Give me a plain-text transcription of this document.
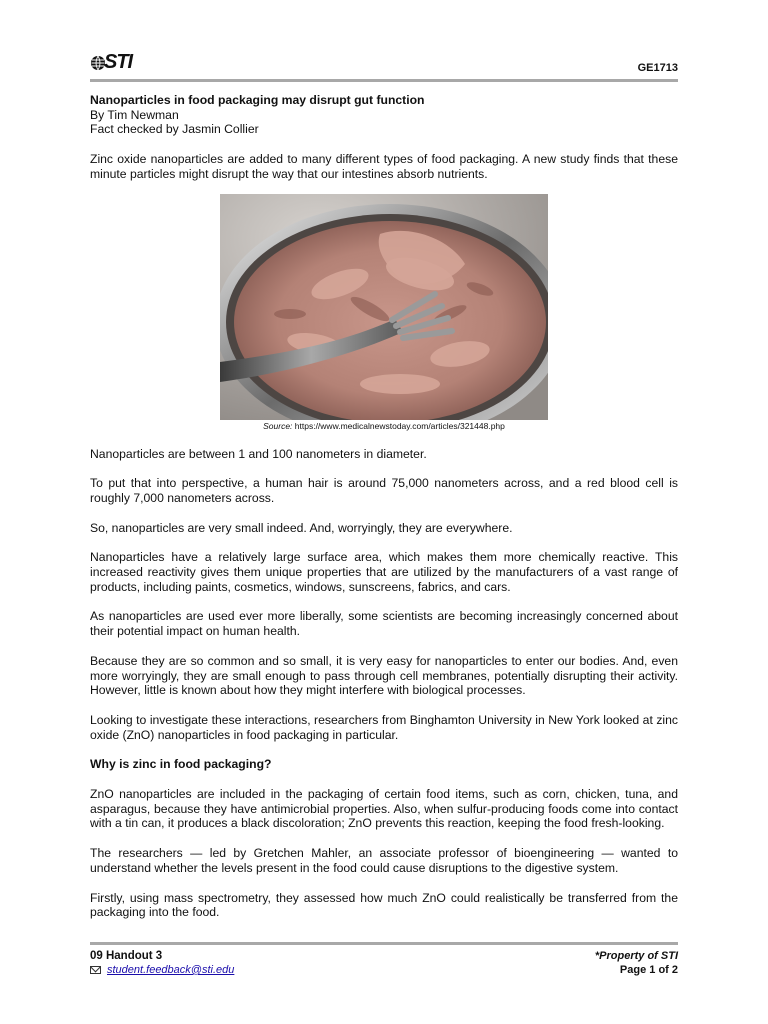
STI	GE1713
Nanoparticles in food packaging may disrupt gut function

By Tim Newman

Fact checked by Jasmin Collier

Zinc oxide nanoparticles are added to many different types of food packaging. A new study finds that these minute particles might disrupt the way that our intestines absorb nutrients.

Source: https://www.medicalnewstoday.com/articles/321448.php

Nanoparticles are between 1 and 100 nanometers in diameter.

To put that into perspective, a human hair is around 75,000 nanometers across, and a red blood cell is roughly 7,000 nanometers across.

So, nanoparticles are very small indeed. And, worryingly, they are everywhere.

Nanoparticles have a relatively large surface area, which makes them more chemically reactive. This increased reactivity gives them unique properties that are utilized by the manufacturers of a vast range of products, including paints, cosmetics, windows, sunscreens, fabrics, and cars.

As nanoparticles are used ever more liberally, some scientists are becoming increasingly concerned about their potential impact on human health.

Because they are so common and so small, it is very easy for nanoparticles to enter our bodies. And, even more worryingly, they are small enough to pass through cell membranes, potentially disrupting their activity. However, little is known about how they might interfere with biological processes.

Looking to investigate these interactions, researchers from Binghamton University in New York looked at zinc oxide (ZnO) nanoparticles in food packaging in particular.

Why is zinc in food packaging?

ZnO nanoparticles are included in the packaging of certain food items, such as corn, chicken, tuna, and asparagus, because they have antimicrobial properties. Also, when sulfur-producing foods come into contact with a tin can, it produces a black discoloration; ZnO prevents this reaction, keeping the food fresh-looking.

The researchers — led by Gretchen Mahler, an associate professor of bioengineering — wanted to understand whether the levels present in the food could cause disruptions to the digestive system.

Firstly, using mass spectrometry, they assessed how much ZnO could realistically be transferred from the packaging into the food.

09 Handout 3
student.feedback@sti.edu
*Property of STI
Page 1 of 2
